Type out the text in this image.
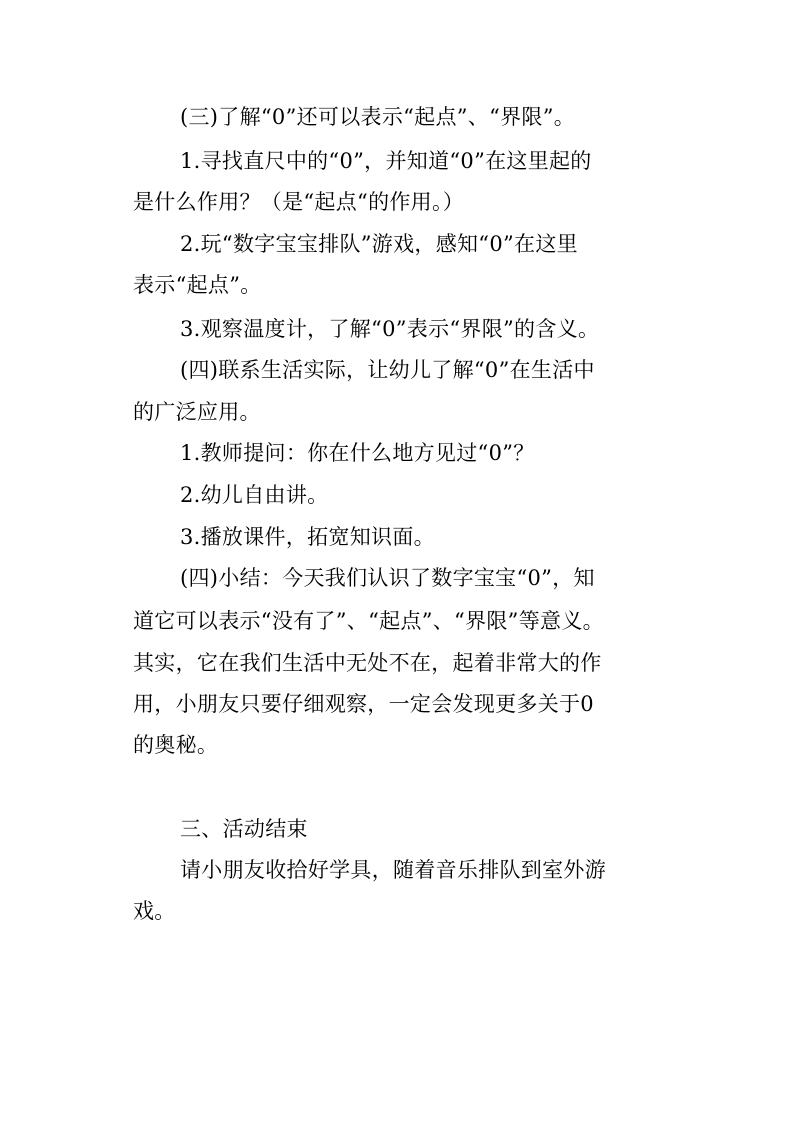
(三)了解“0”还可以表示“起点”、“界限”。
1.寻找直尺中的“0”，并知道“0”在这里起的
是什么作用？（是“起点“的作用。）
2.玩“数字宝宝排队”游戏，感知“0”在这里
表示“起点”。
3.观察温度计，了解“0”表示“界限”的含义。
(四)联系生活实际，让幼儿了解“0”在生活中
的广泛应用。
1.教师提问：你在什么地方见过“0”？
2.幼儿自由讲。
3.播放课件，拓宽知识面。
(四)小结：今天我们认识了数字宝宝“0”，知
道它可以表示“没有了”、“起点”、“界限”等意义。
其实，它在我们生活中无处不在，起着非常大的作
用，小朋友只要仔细观察，一定会发现更多关于0
的奥秘。
三、活动结束
请小朋友收拾好学具，随着音乐排队到室外游
戏。
